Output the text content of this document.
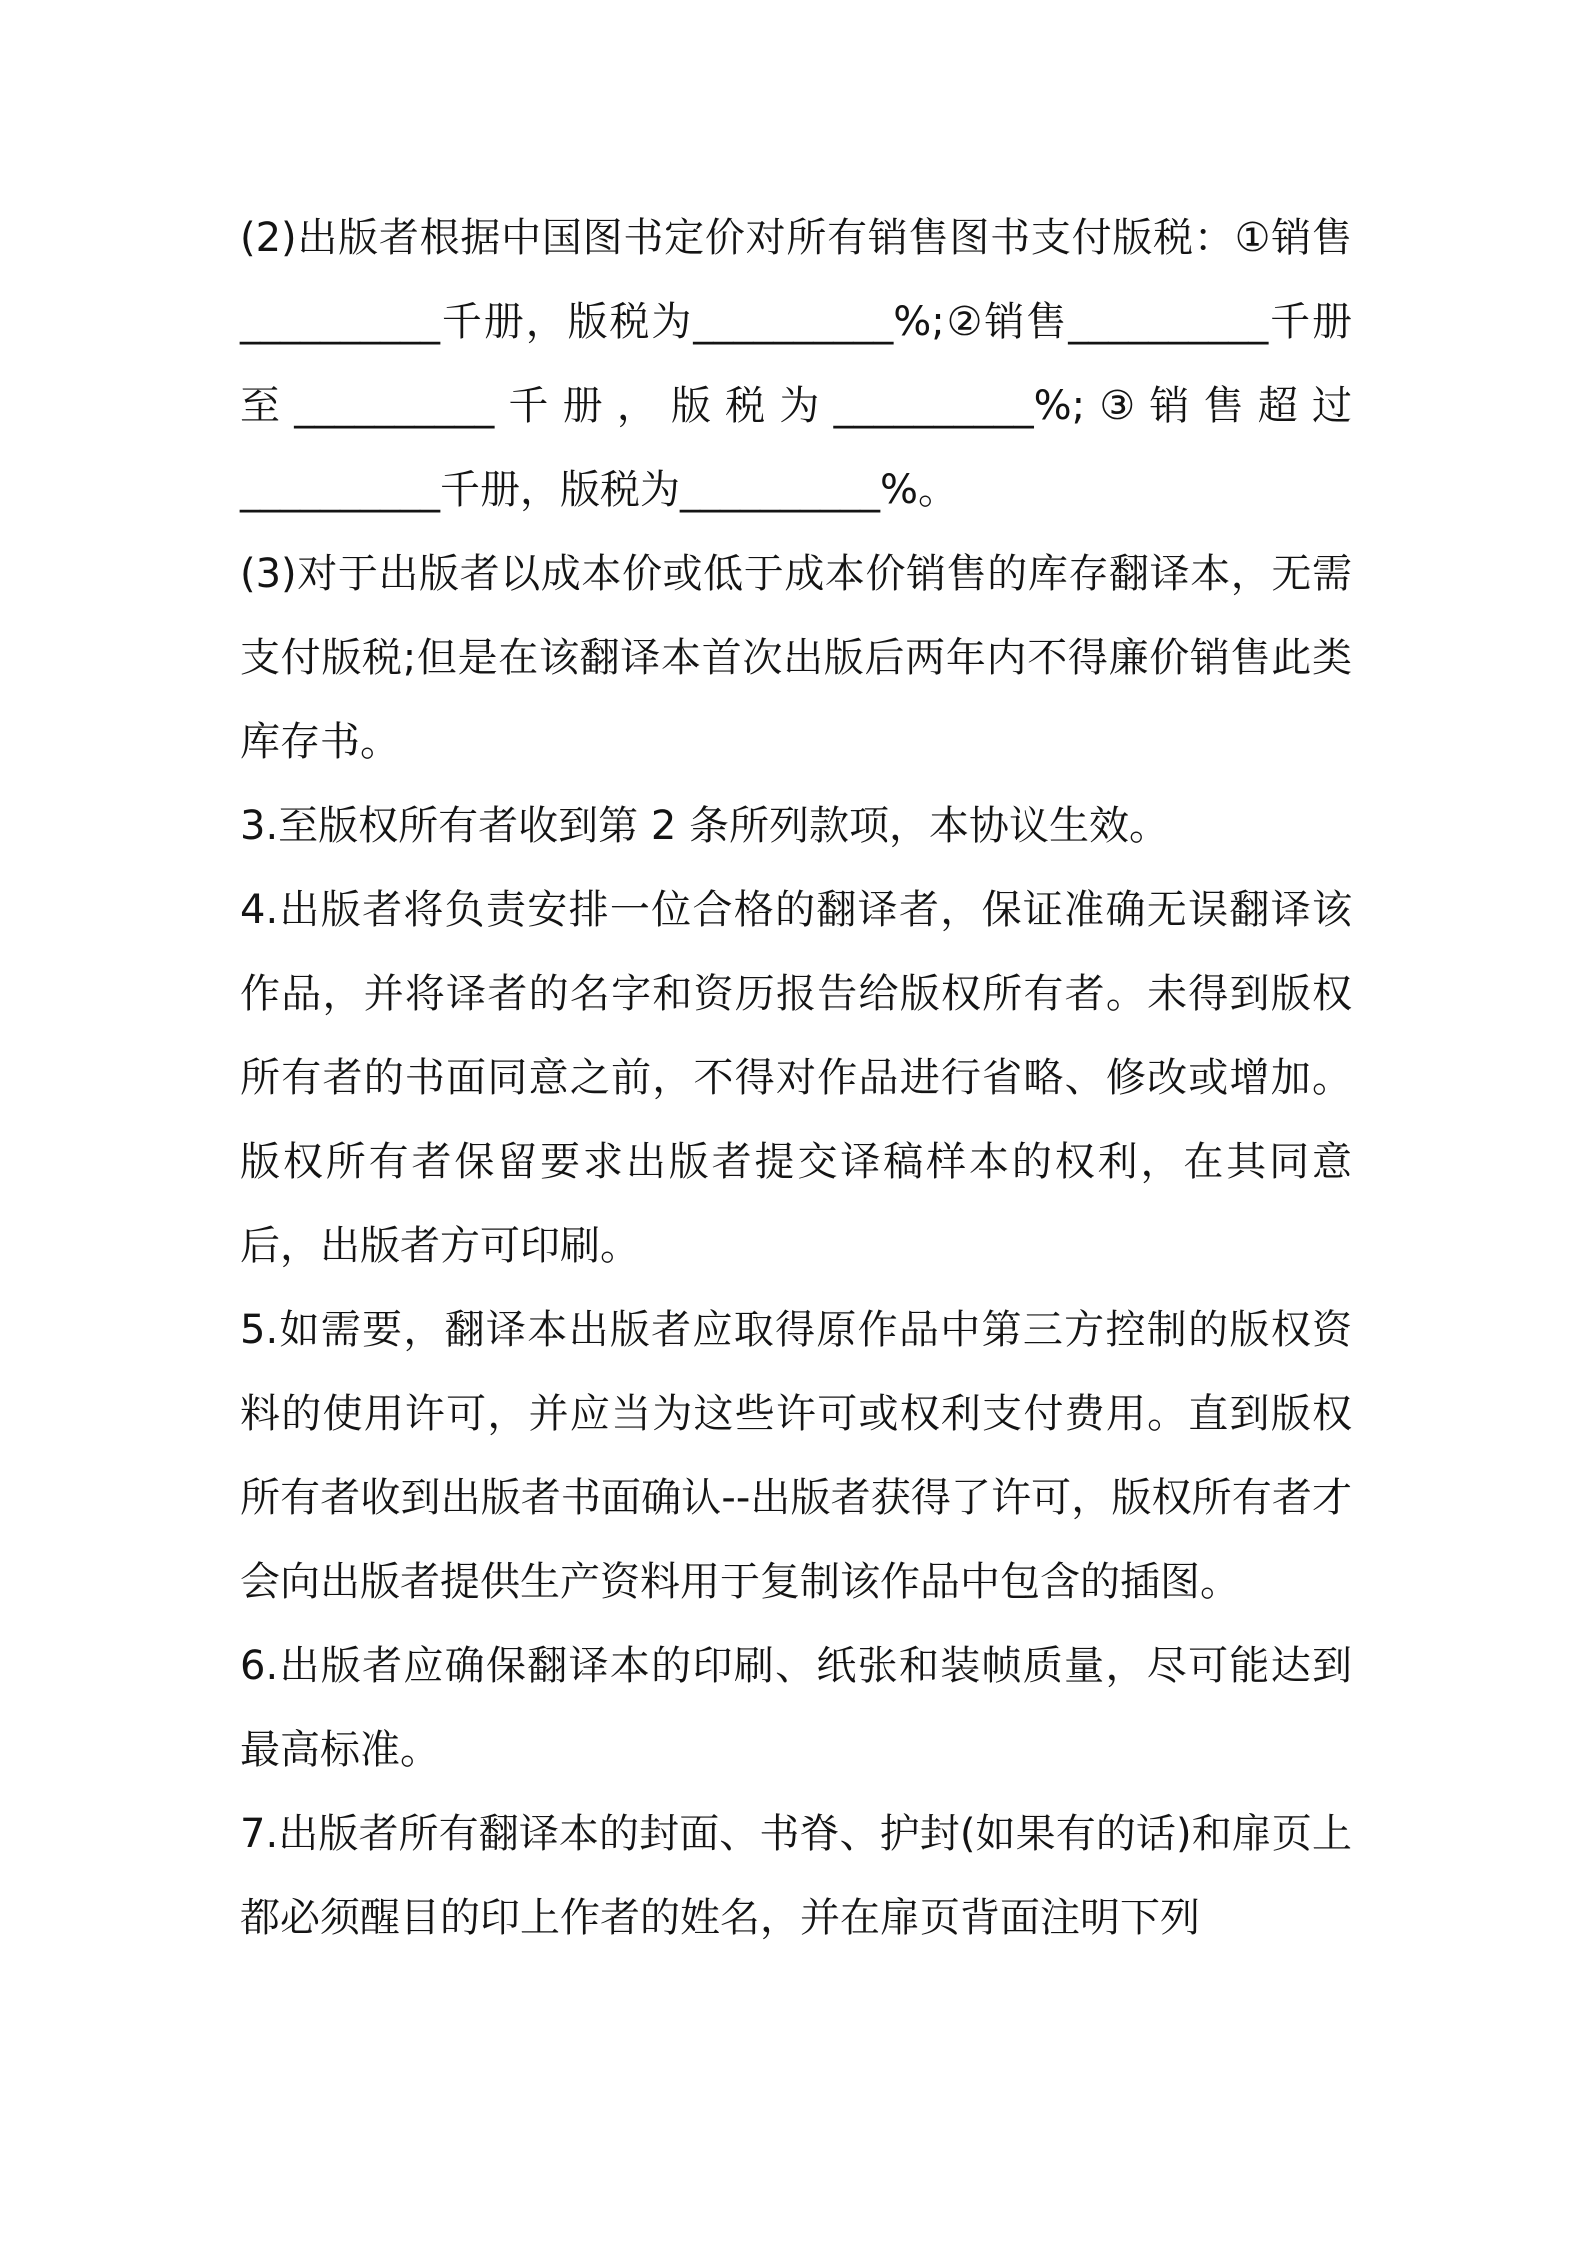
(2)出版者根据中国图书定价对所有销售图书支付版税：①销售__________千册，版税为__________%;②销售__________千册至__________千册，版税为__________%;③销售超过__________千册，版税为__________%。

(3)对于出版者以成本价或低于成本价销售的库存翻译本，无需支付版税;但是在该翻译本首次出版后两年内不得廉价销售此类库存书。

3.至版权所有者收到第 2 条所列款项，本协议生效。

4.出版者将负责安排一位合格的翻译者，保证准确无误翻译该作品，并将译者的名字和资历报告给版权所有者。未得到版权所有者的书面同意之前，不得对作品进行省略、修改或增加。版权所有者保留要求出版者提交译稿样本的权利，在其同意后，出版者方可印刷。

5.如需要，翻译本出版者应取得原作品中第三方控制的版权资料的使用许可，并应当为这些许可或权利支付费用。直到版权所有者收到出版者书面确认--出版者获得了许可，版权所有者才会向出版者提供生产资料用于复制该作品中包含的插图。

6.出版者应确保翻译本的印刷、纸张和装帧质量，尽可能达到最高标准。

7.出版者所有翻译本的封面、书脊、护封(如果有的话)和扉页上都必须醒目的印上作者的姓名，并在扉页背面注明下列
